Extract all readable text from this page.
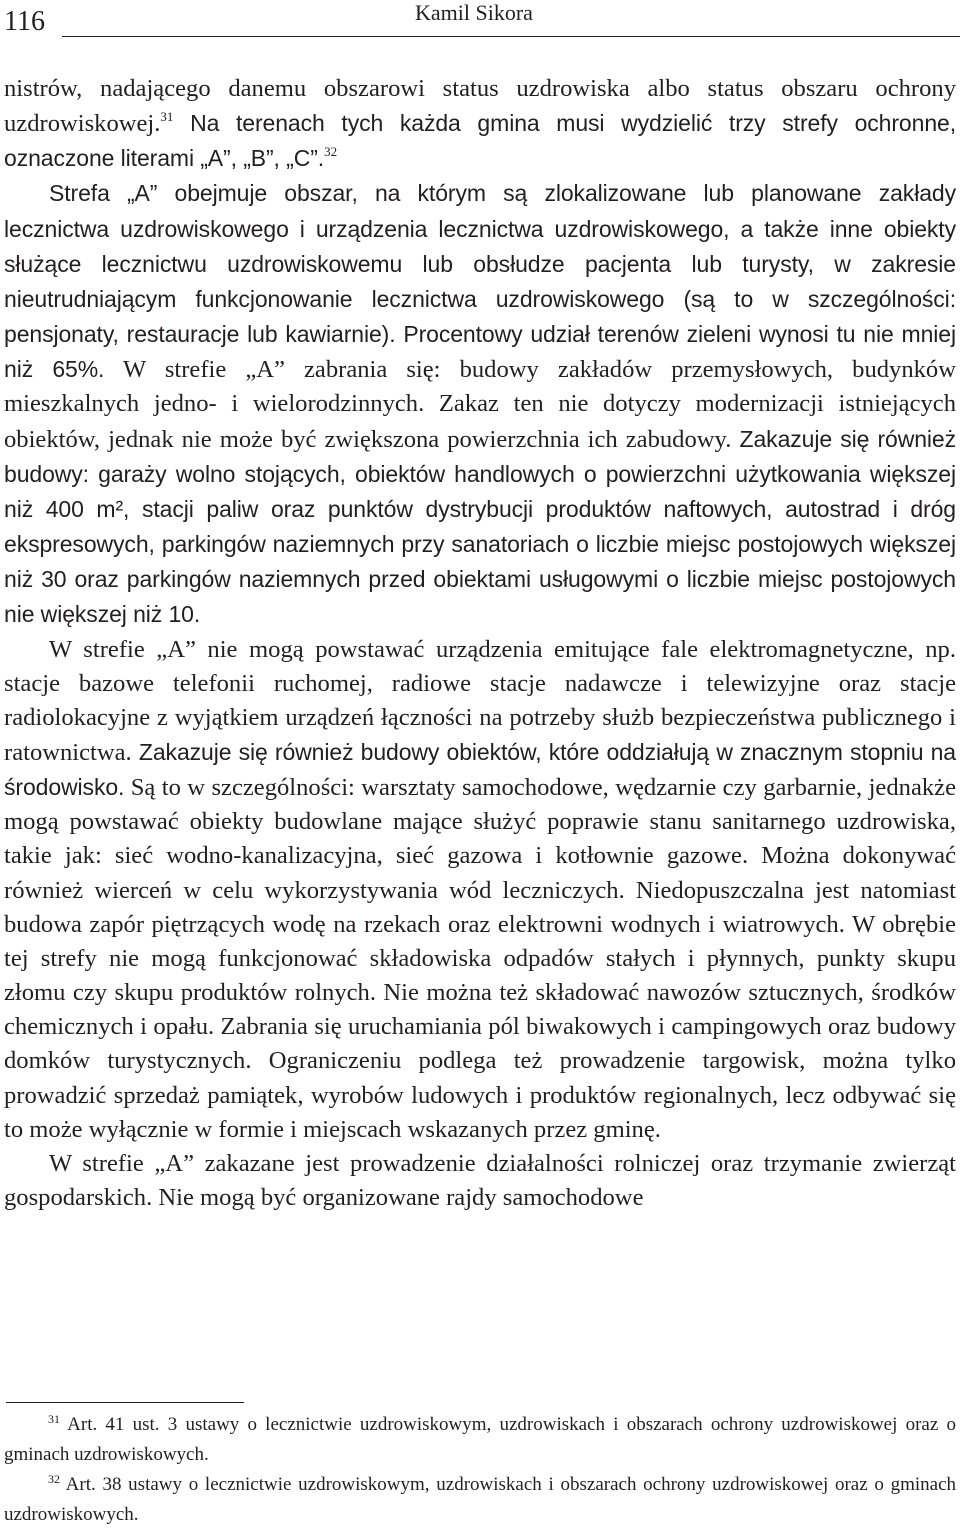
116	Kamil Sikora

nistrów, nadającego danemu obszarowi status uzdrowiska albo status obszaru ochrony uzdrowiskowej.$^{31}$ Na terenach tych każda gmina musi wydzielić trzy strefy ochronne, oznaczone literami „A”, „B”, „C”.$^{32}$

Strefa „A” obejmuje obszar, na którym są zlokalizowane lub planowane zakłady lecznictwa uzdrowiskowego i urządzenia lecznictwa uzdrowiskowego, a także inne obiekty służące lecznictwu uzdrowiskowemu lub obsłudze pacjenta lub turysty, w zakresie nieutrudniającym funkcjonowanie lecznictwa uzdrowiskowego (są to w szczególności: pensjonaty, restauracje lub kawiarnie). Procentowy udział terenów zieleni wynosi tu nie mniej niż 65%. W strefie „A” zabrania się: budowy zakładów przemysłowych, budynków mieszkalnych jedno- i wielorodzinnych. Zakaz ten nie dotyczy modernizacji istniejących obiektów, jednak nie może być zwiększona powierzchnia ich zabudowy. Zakazuje się również budowy: garaży wolno stojących, obiektów handlowych o powierzchni użytkowania większej niż 400 m², stacji paliw oraz punktów dystrybucji produktów naftowych, autostrad i dróg ekspresowych, parkingów naziemnych przy sanatoriach o liczbie miejsc postojowych większej niż 30 oraz parkingów naziemnych przed obiektami usługowymi o liczbie miejsc postojowych nie większej niż 10.

W strefie „A” nie mogą powstawać urządzenia emitujące fale elektromagnetyczne, np. stacje bazowe telefonii ruchomej, radiowe stacje nadawcze i telewizyjne oraz stacje radiolokacyjne z wyjątkiem urządzeń łączności na potrzeby służb bezpieczeństwa publicznego i ratownictwa. Zakazuje się również budowy obiektów, które oddziałują w znacznym stopniu na środowisko. Są to w szczególności: warsztaty samochodowe, wędzarnie czy garbarnie, jednakże mogą powstawać obiekty budowlane mające służyć poprawie stanu sanitarnego uzdrowiska, takie jak: sieć wodno-kanalizacyjna, sieć gazowa i kotłownie gazowe. Można dokonywać również wierceń w celu wykorzystywania wód leczniczych. Niedopuszczalna jest natomiast budowa zapór piętrzących wodę na rzekach oraz elektrowni wodnych i wiatrowych. W obrębie tej strefy nie mogą funkcjonować składowiska odpadów stałych i płynnych, punkty skupu złomu czy skupu produktów rolnych. Nie można też składować nawozów sztucznych, środków chemicznych i opału. Zabrania się uruchamiania pól biwakowych i campingowych oraz budowy domków turystycznych. Ograniczeniu podlega też prowadzenie targowisk, można tylko prowadzić sprzedaż pamiątek, wyrobów ludowych i produktów regionalnych, lecz odbywać się to może wyłącznie w formie i miejscach wskazanych przez gminę.

W strefie „A” zakazane jest prowadzenie działalności rolniczej oraz trzymanie zwierząt gospodarskich. Nie mogą być organizowane rajdy samochodowe

$^{31}$ Art. 41 ust. 3 ustawy o lecznictwie uzdrowiskowym, uzdrowiskach i obszarach ochrony uzdrowiskowej oraz o gminach uzdrowiskowych.

$^{32}$ Art. 38 ustawy o lecznictwie uzdrowiskowym, uzdrowiskach i obszarach ochrony uzdrowiskowej oraz o gminach uzdrowiskowych.
